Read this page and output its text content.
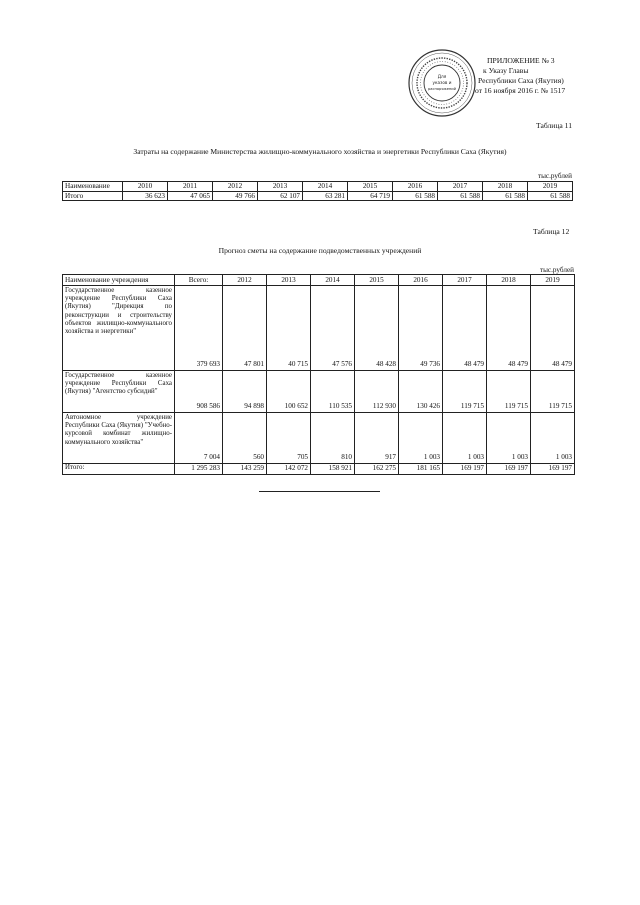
Для
указов и
распоряжений
ПРИЛОЖЕНИЕ № 3
к Указу Главы
Республики Саха (Якутия)
от 16 ноября 2016 г. № 1517
Таблица 11
Затраты на содержание Министерства жилищно-коммунального хозяйства и энергетики Республики Саха (Якутия)
тыс.рублей
Наименование	2010	2011	2012	2013	2014	2015	2016	2017	2018	2019
Итого	36 623	47 065	49 766	62 107	63 281	64 719	61 588	61 588	61 588	61 588
Таблица 12
Прогноз сметы на содержание подведомственных учреждений
тыс.рублей
Наименование учреждения	Всего:	2012	2013	2014	2015	2016	2017	2018	2019
Государственное казенное учреждение Республики Саха (Якутия) "Дирекция по реконструкции и строительству объектов жилищно-коммунального хозяйства и энергетики"	379 693	47 801	40 715	47 576	48 428	49 736	48 479	48 479	48 479
Государственное казенное учреждение Республики Саха (Якутия) "Агентство субсидий"	908 586	94 898	100 652	110 535	112 930	130 426	119 715	119 715	119 715
Автономное учреждение Республики Саха (Якутия) "Учебно-курсовой комбинат жилищно-коммунального хозяйства"	7 004	560	705	810	917	1 003	1 003	1 003	1 003
Итого:	1 295 283	143 259	142 072	158 921	162 275	181 165	169 197	169 197	169 197
